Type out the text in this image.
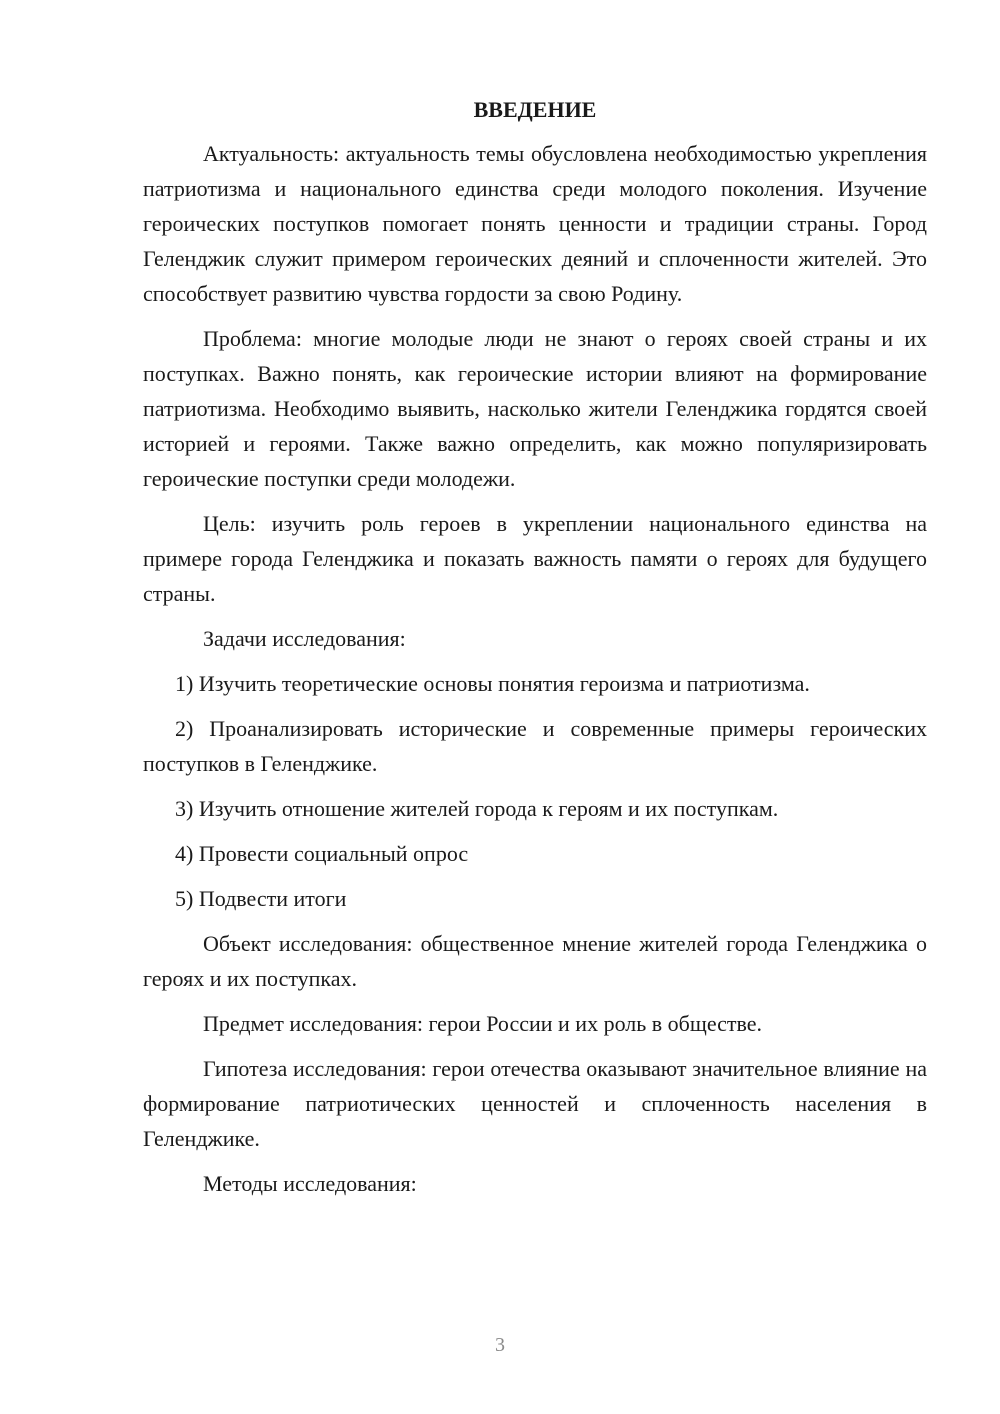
ВВЕДЕНИЕ

Актуальность: актуальность темы обусловлена необходимостью укрепления патриотизма и национального единства среди молодого поколения. Изучение героических поступков помогает понять ценности и традиции страны. Город Геленджик служит примером героических деяний и сплоченности жителей. Это способствует развитию чувства гордости за свою Родину.

Проблема: многие молодые люди не знают о героях своей страны и их поступках. Важно понять, как героические истории влияют на формирование патриотизма. Необходимо выявить, насколько жители Геленджика гордятся своей историей и героями. Также важно определить, как можно популяризировать героические поступки среди молодежи.

Цель: изучить роль героев в укреплении национального единства на примере города Геленджика и показать важность памяти о героях для будущего страны.

Задачи исследования:

1) Изучить теоретические основы понятия героизма и патриотизма.

2) Проанализировать исторические и современные примеры героических поступков в Геленджике.

3) Изучить отношение жителей города к героям и их поступкам.

4) Провести социальный опрос

5) Подвести итоги

Объект исследования: общественное мнение жителей города Геленджика о героях и их поступках.

Предмет исследования: герои России и их роль в обществе.

Гипотеза исследования: герои отечества оказывают значительное влияние на формирование патриотических ценностей и сплоченность населения в Геленджике.

Методы исследования:

3
